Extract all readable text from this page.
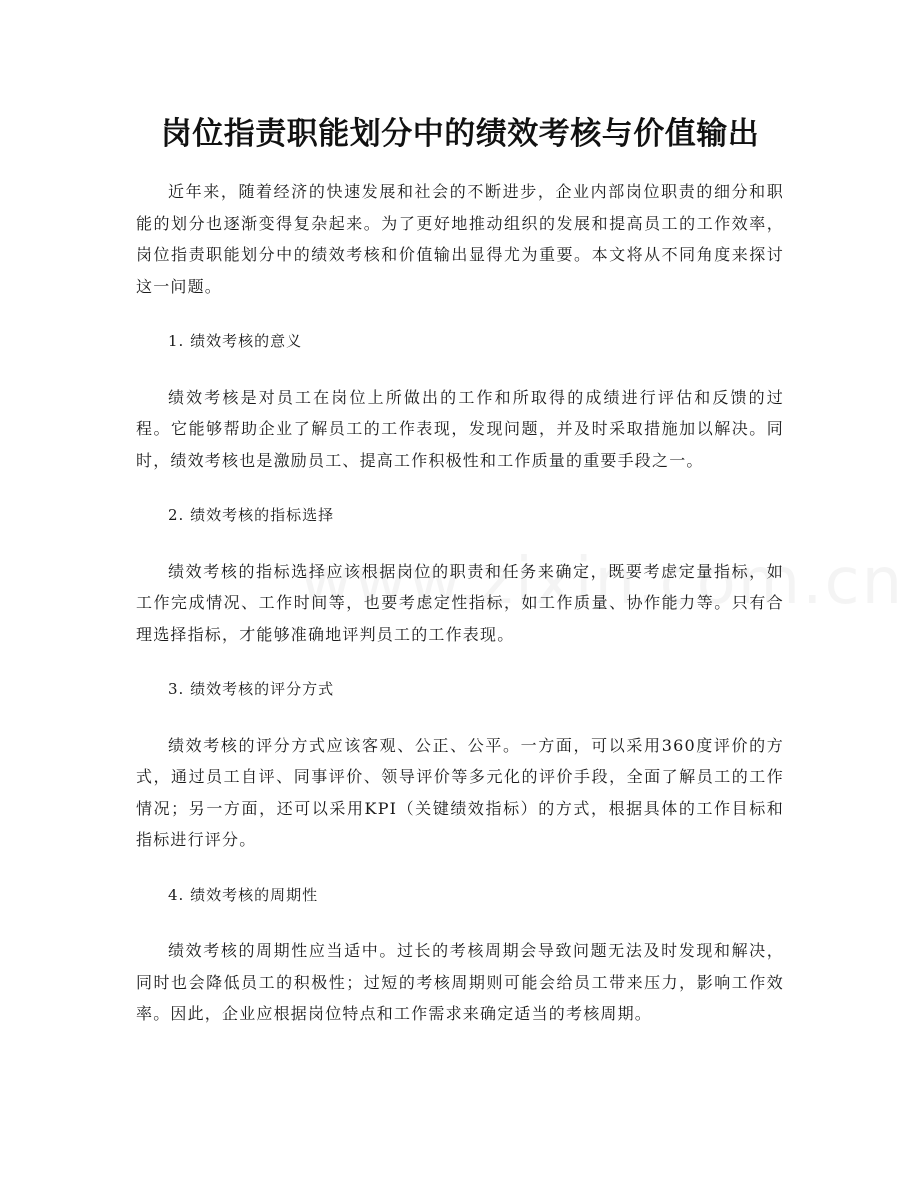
岗位指责职能划分中的绩效考核与价值输出

近年来，随着经济的快速发展和社会的不断进步，企业内部岗位职责的细分和职能的划分也逐渐变得复杂起来。为了更好地推动组织的发展和提高员工的工作效率，岗位指责职能划分中的绩效考核和价值输出显得尤为重要。本文将从不同角度来探讨这一问题。

1. 绩效考核的意义

绩效考核是对员工在岗位上所做出的工作和所取得的成绩进行评估和反馈的过程。它能够帮助企业了解员工的工作表现，发现问题，并及时采取措施加以解决。同时，绩效考核也是激励员工、提高工作积极性和工作质量的重要手段之一。

2. 绩效考核的指标选择

绩效考核的指标选择应该根据岗位的职责和任务来确定，既要考虑定量指标，如工作完成情况、工作时间等，也要考虑定性指标，如工作质量、协作能力等。只有合理选择指标，才能够准确地评判员工的工作表现。

3. 绩效考核的评分方式

绩效考核的评分方式应该客观、公正、公平。一方面，可以采用360度评价的方式，通过员工自评、同事评价、领导评价等多元化的评价手段，全面了解员工的工作情况；另一方面，还可以采用KPI（关键绩效指标）的方式，根据具体的工作目标和指标进行评分。

4. 绩效考核的周期性

绩效考核的周期性应当适中。过长的考核周期会导致问题无法及时发现和解决，同时也会降低员工的积极性；过短的考核周期则可能会给员工带来压力，影响工作效率。因此，企业应根据岗位特点和工作需求来确定适当的考核周期。
